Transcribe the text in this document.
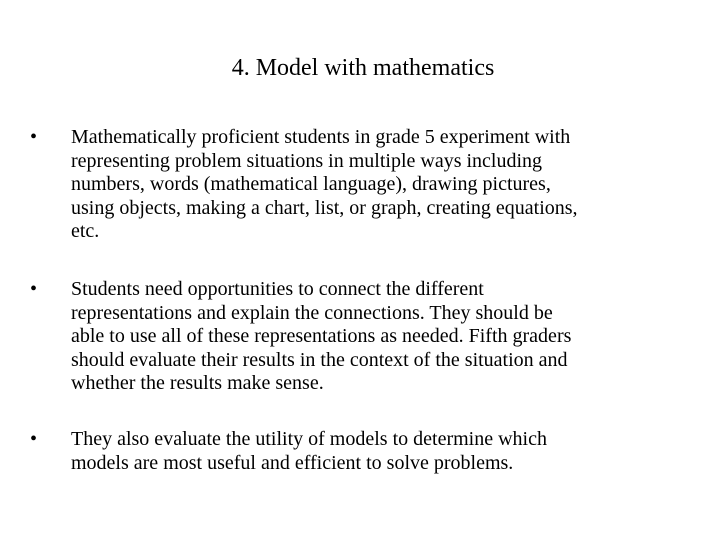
4. Model with mathematics
• Mathematically proficient students in grade 5 experiment with
representing problem situations in multiple ways including
numbers, words (mathematical language), drawing pictures,
using objects, making a chart, list, or graph, creating equations,
etc.
• Students need opportunities to connect the different
representations and explain the connections. They should be
able to use all of these representations as needed. Fifth graders
should evaluate their results in the context of the situation and
whether the results make sense.
• They also evaluate the utility of models to determine which
models are most useful and efficient to solve problems.
